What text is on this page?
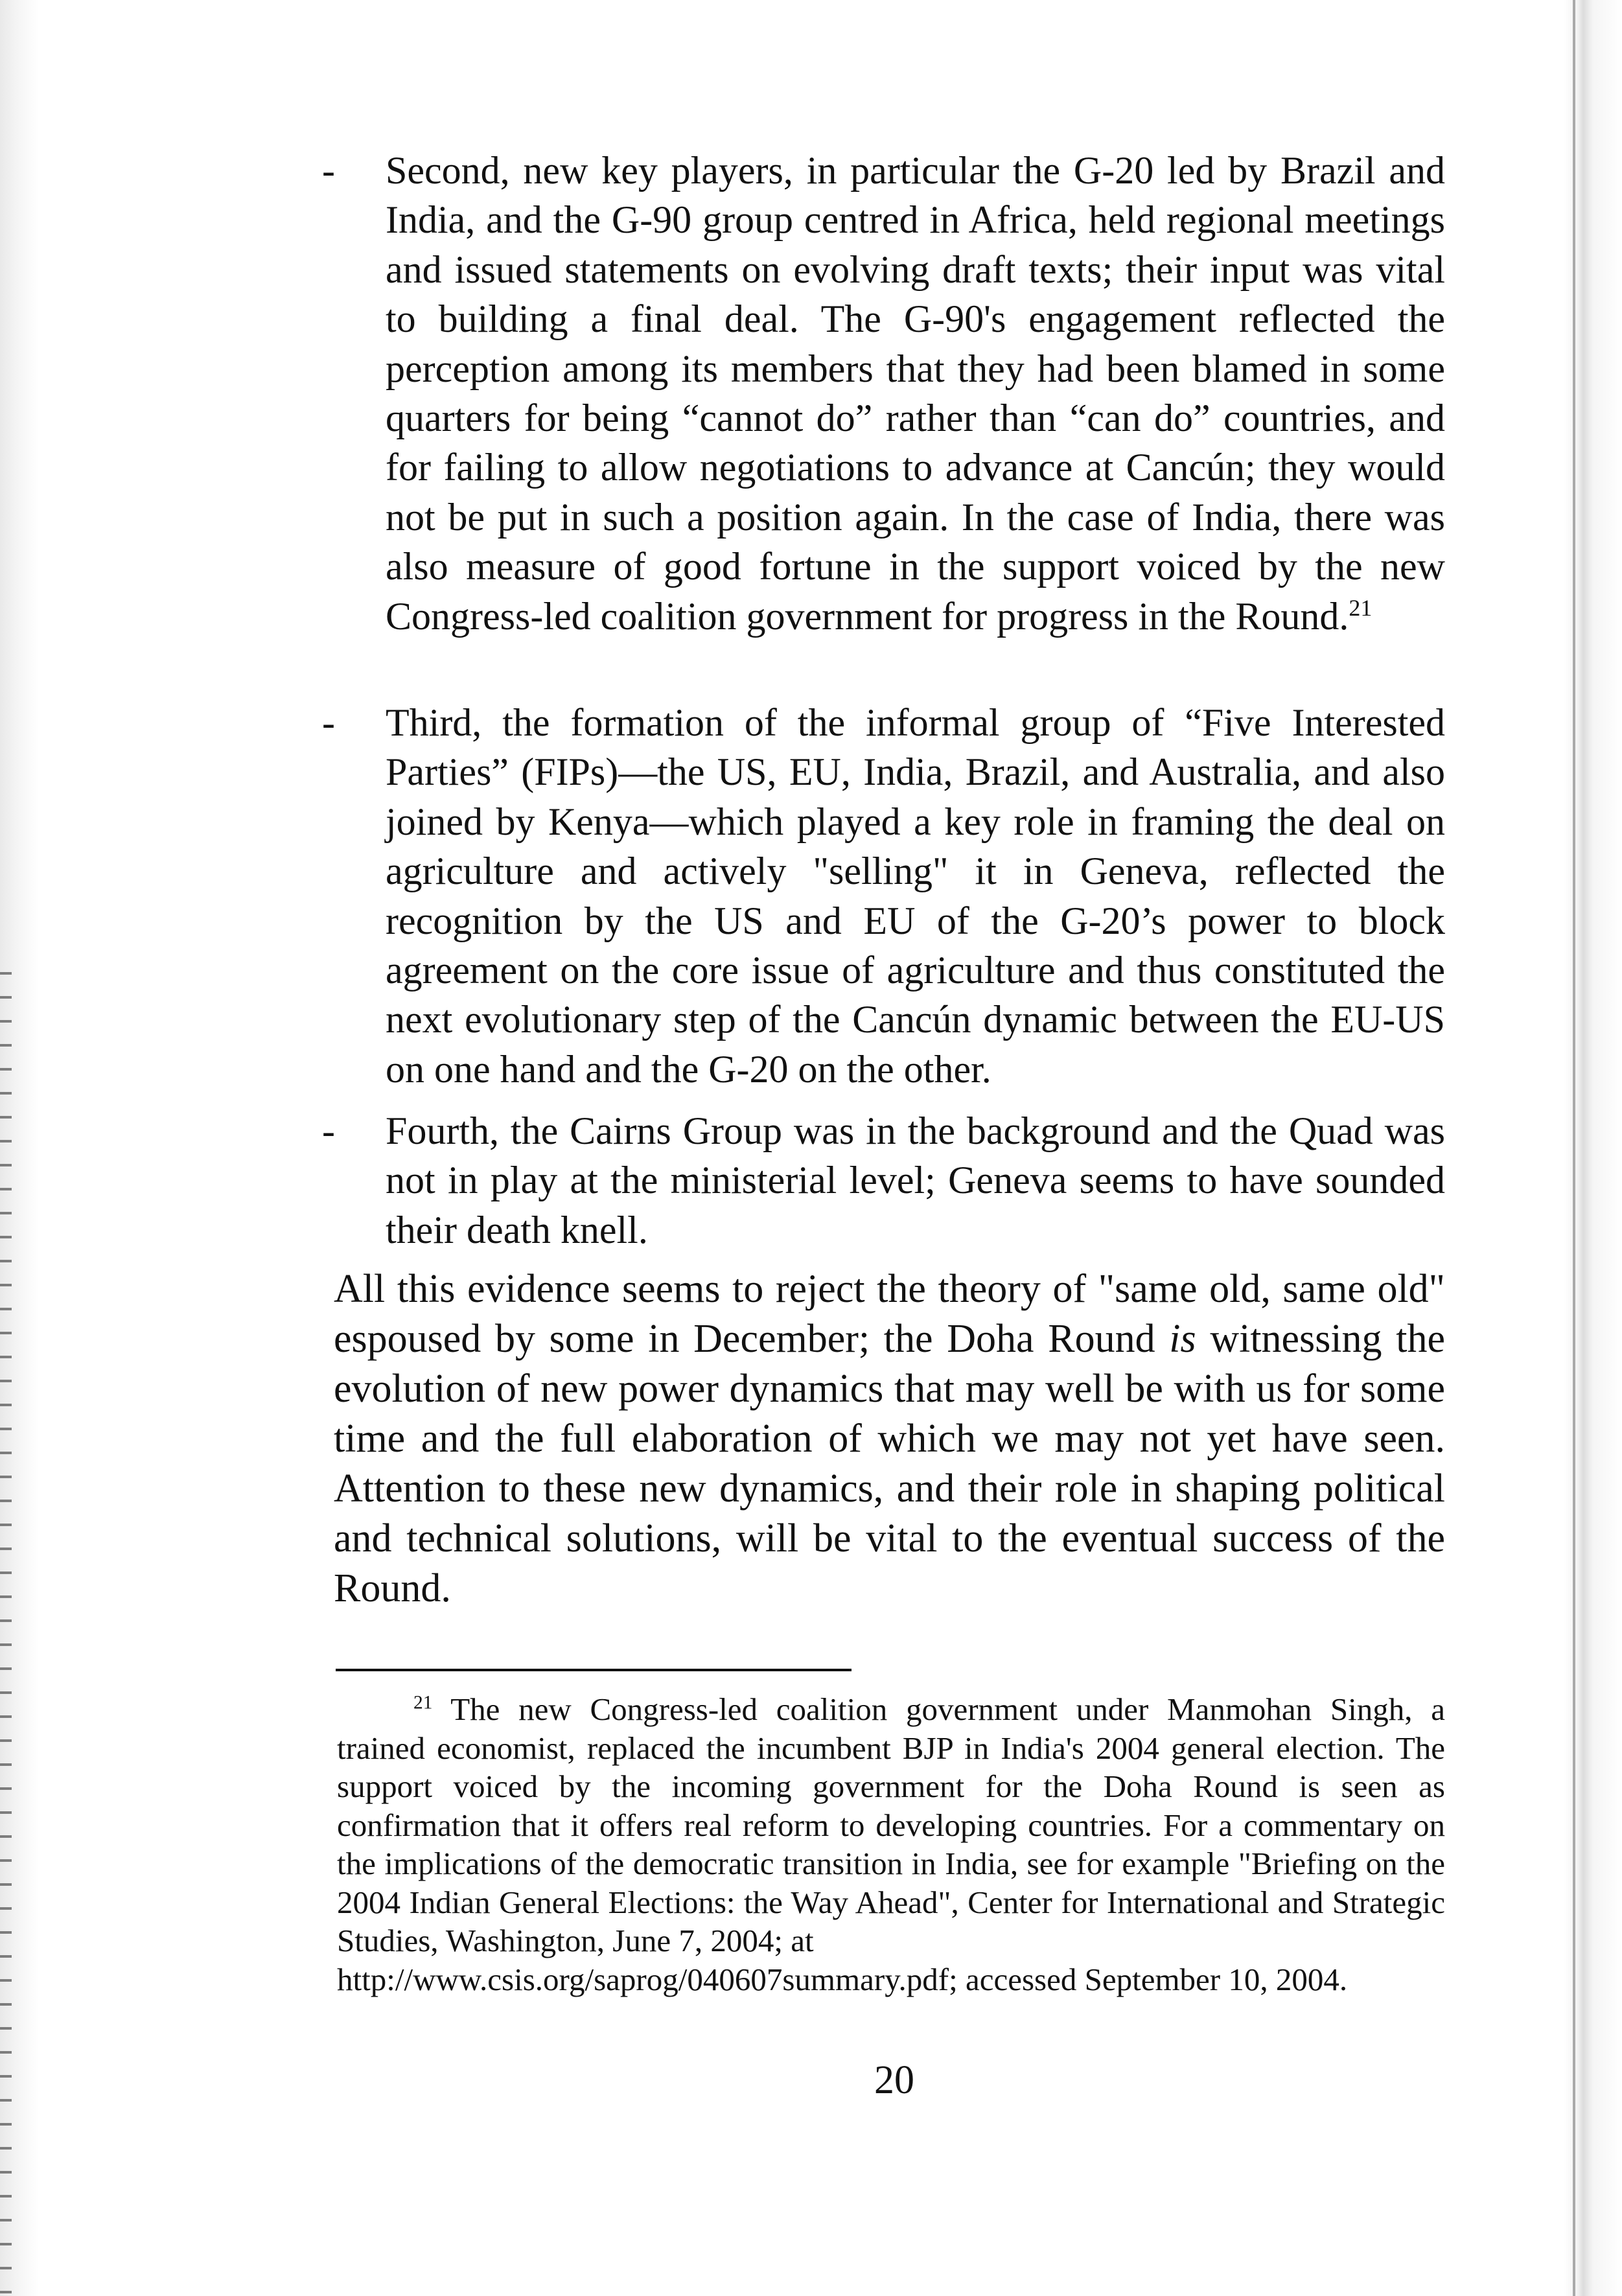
- Second, new key players, in particular the G-20 led by Brazil and India, and the G-90 group centred in Africa, held regional meetings and issued statements on evolving draft texts; their input was vital to building a final deal. The G-90's engagement reflected the perception among its members that they had been blamed in some quarters for being “cannot do” rather than “can do” countries, and for failing to allow negotiations to advance at Cancún; they would not be put in such a position again. In the case of India, there was also measure of good fortune in the support voiced by the new Congress-led coalition government for progress in the Round.$^{21}$
- Third, the formation of the informal group of “Five Interested Parties” (FIPs)—the US, EU, India, Brazil, and Australia, and also joined by Kenya—which played a key role in framing the deal on agriculture and actively "selling" it in Geneva, reflected the recognition by the US and EU of the G-20’s power to block agreement on the core issue of agriculture and thus constituted the next evolutionary step of the Cancún dynamic between the EU-US on one hand and the G-20 on the other.
- Fourth, the Cairns Group was in the background and the Quad was not in play at the ministerial level; Geneva seems to have sounded their death knell.
All this evidence seems to reject the theory of "same old, same old" espoused by some in December; the Doha Round is witnessing the evolution of new power dynamics that may well be with us for some time and the full elaboration of which we may not yet have seen. Attention to these new dynamics, and their role in shaping political and technical solutions, will be vital to the eventual success of the Round.
$^{21}$ The new Congress-led coalition government under Manmohan Singh, a trained economist, replaced the incumbent BJP in India's 2004 general election. The support voiced by the incoming government for the Doha Round is seen as confirmation that it offers real reform to developing countries. For a commentary on the implications of the democratic transition in India, see for example "Briefing on the 2004 Indian General Elections: the Way Ahead", Center for International and Strategic Studies, Washington, June 7, 2004; at
http://www.csis.org/saprog/040607summary.pdf; accessed September 10, 2004.
20
